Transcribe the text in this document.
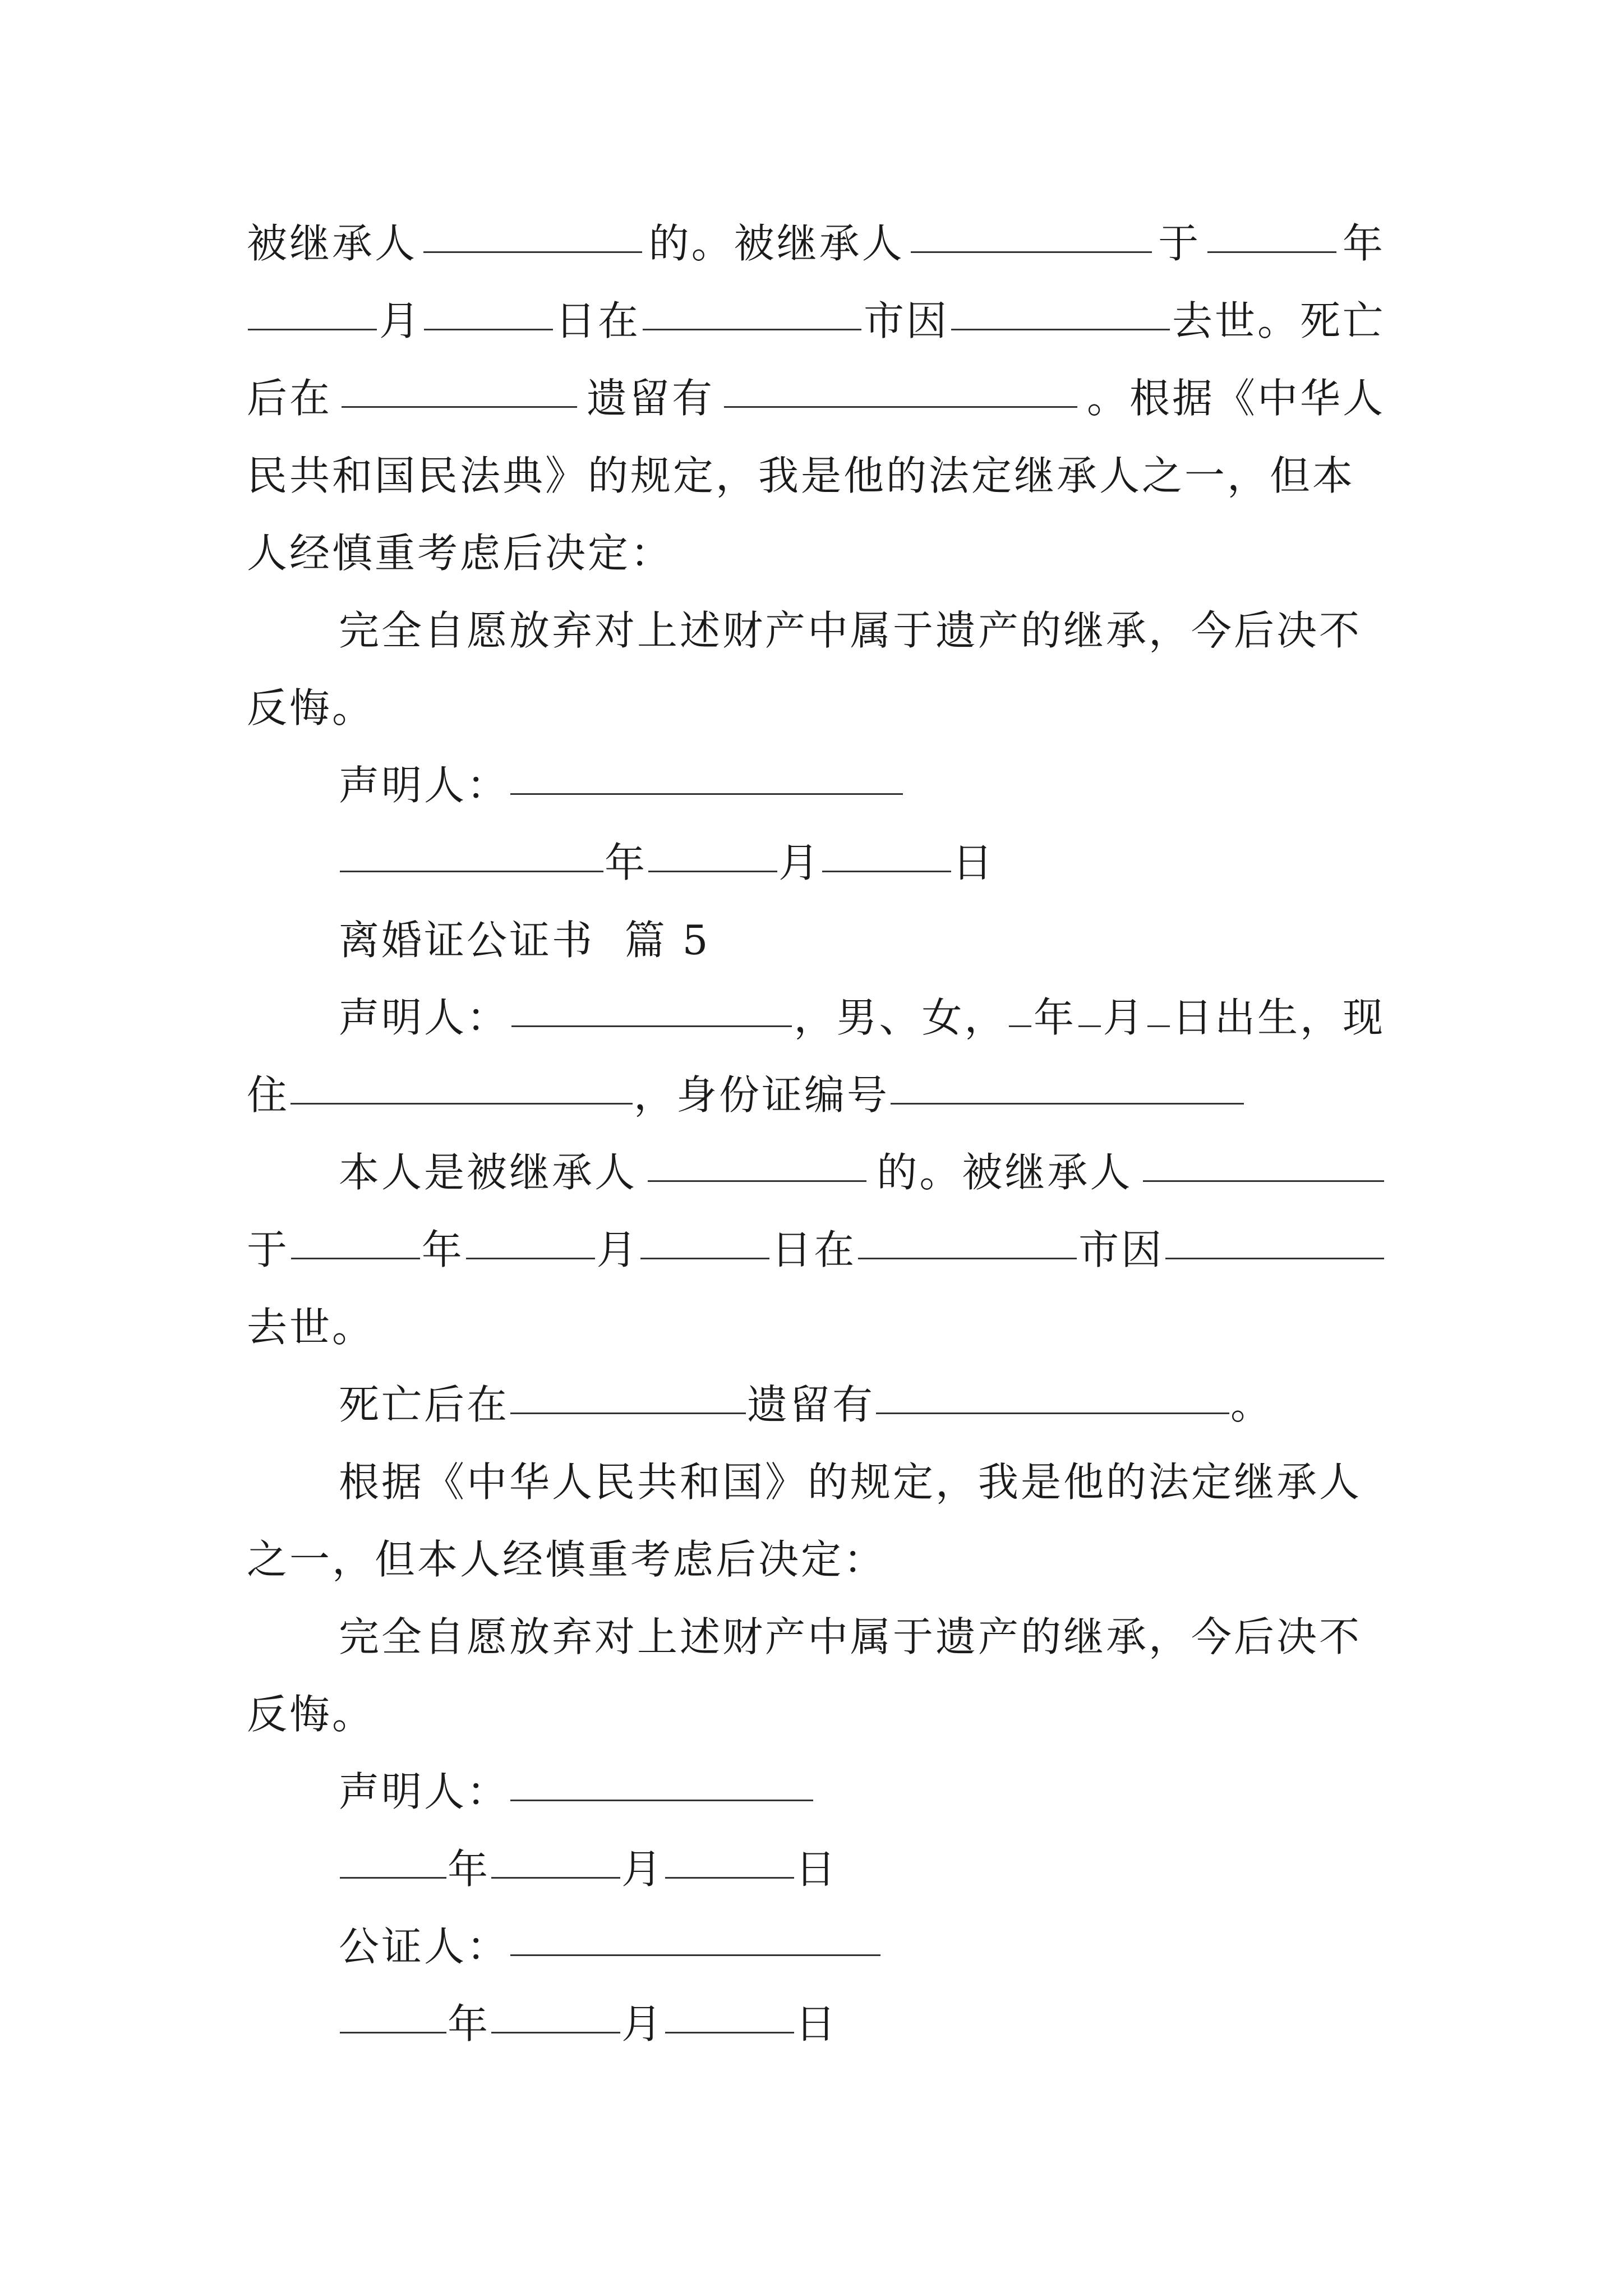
被继承人	的。被继承人	于	年
月	日在	市因	去世。死亡
后在	遗留有	。根据《中华人
民共和国民法典》的规定，我是他的法定继承人之一，但本
人经慎重考虑后决定：
完全自愿放弃对上述财产中属于遗产的继承，今后决不
反悔。
声明人：
年	月	日
离婚证公证书  篇 5
声明人：	，男、女， 年 月 日出生，现
住	，身份证编号
本人是被继承人	的。被继承人
于	年	月	日在	市因
去世。
死亡后在	遗留有	。
根据《中华人民共和国》的规定，我是他的法定继承人
之一，但本人经慎重考虑后决定：
完全自愿放弃对上述财产中属于遗产的继承，今后决不
反悔。
声明人：
年	月	日
公证人：
年	月	日
